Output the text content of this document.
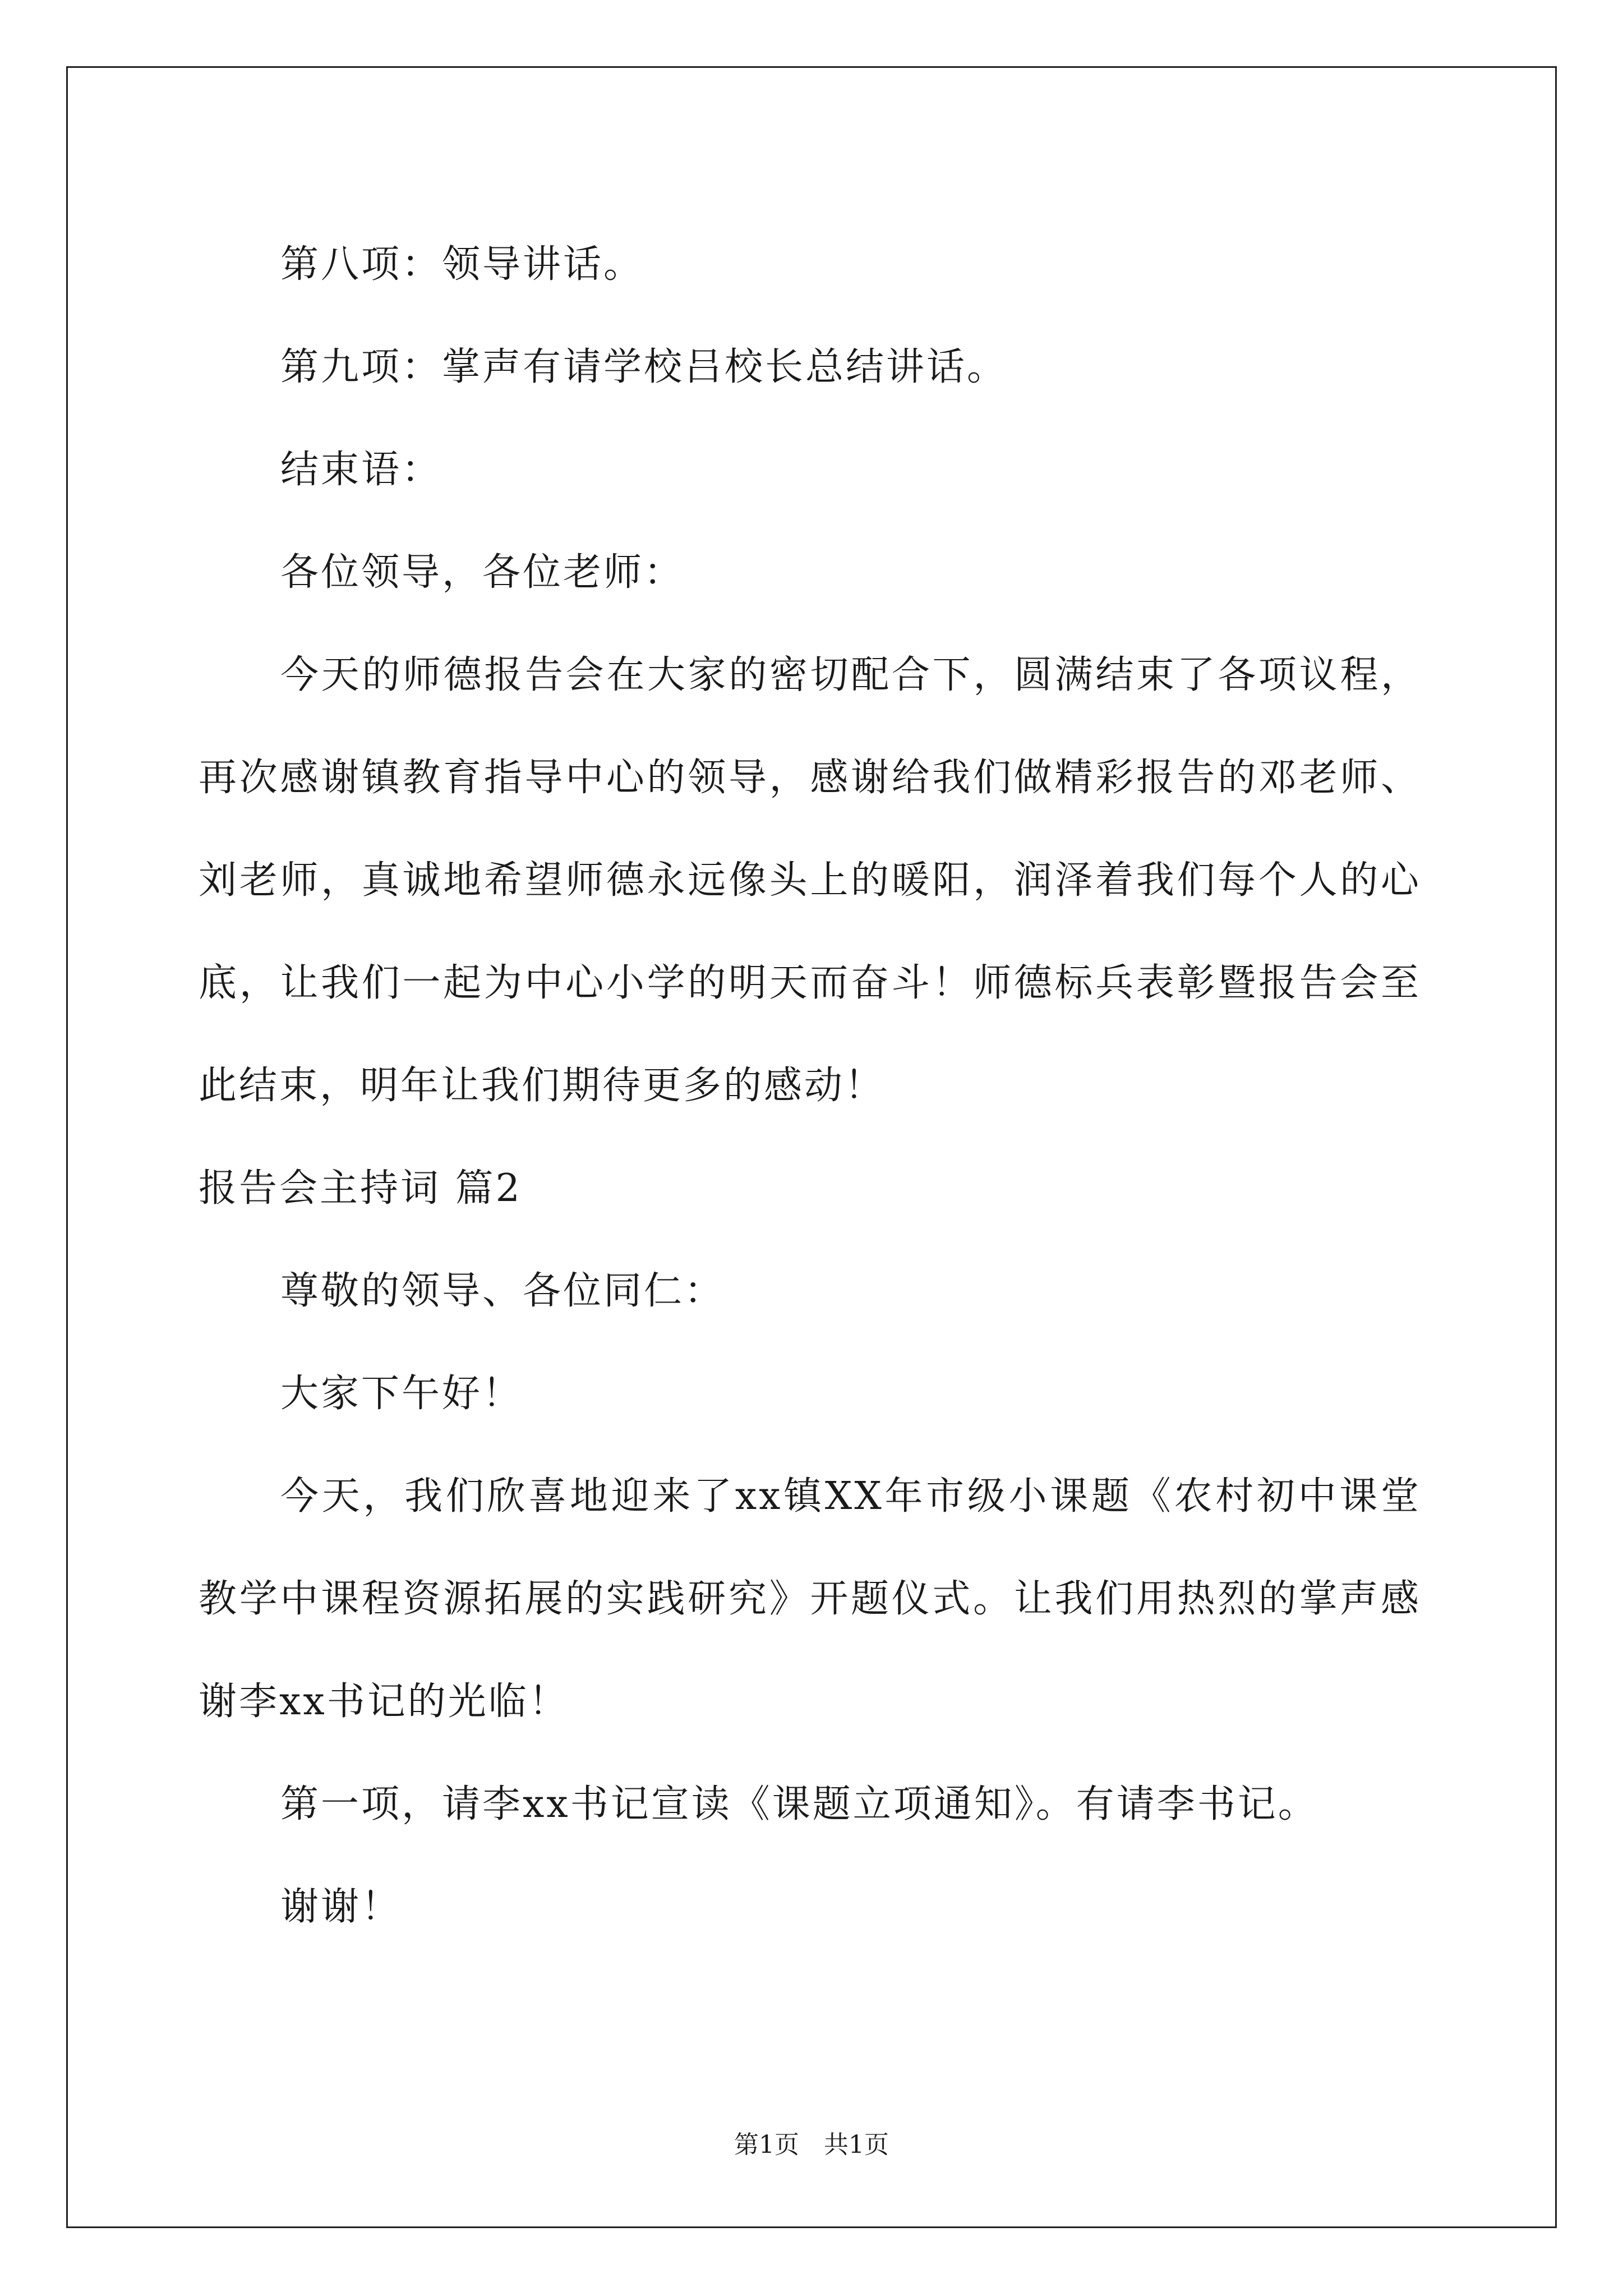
第八项：领导讲话。

第九项：掌声有请学校吕校长总结讲话。

结束语：

各位领导，各位老师：

今天的师德报告会在大家的密切配合下，圆满结束了各项议程，再次感谢镇教育指导中心的领导，感谢给我们做精彩报告的邓老师、刘老师，真诚地希望师德永远像头上的暖阳，润泽着我们每个人的心底，让我们一起为中心小学的明天而奋斗！师德标兵表彰暨报告会至此结束，明年让我们期待更多的感动！

报告会主持词 篇2

尊敬的领导、各位同仁：

大家下午好！

今天，我们欣喜地迎来了xx镇XX年市级小课题《农村初中课堂教学中课程资源拓展的实践研究》开题仪式。让我们用热烈的掌声感谢李xx书记的光临！

第一项，请李xx书记宣读《课题立项通知》。有请李书记。

谢谢！

第1页　共1页
